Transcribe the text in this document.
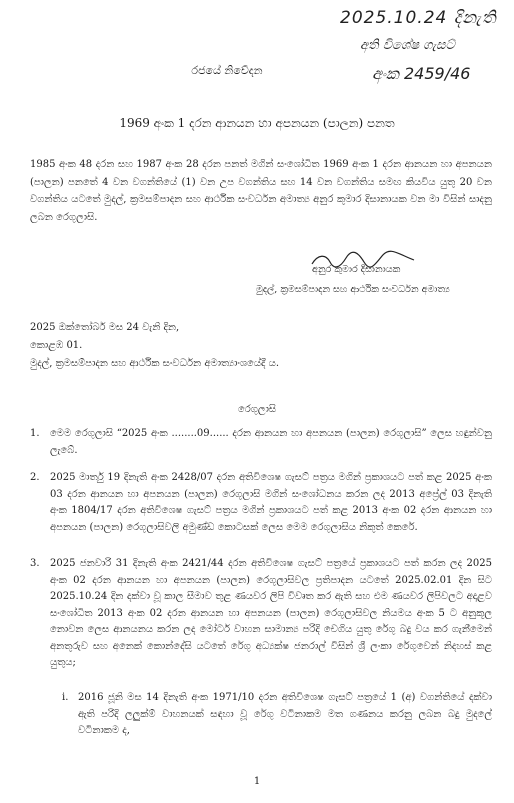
2025.10.24 දිනැති
අති විශේෂ ගැසට්
අංක 2459/46
රජයේ නිවේදන
1969 අංක 1 දරන ආනයන හා අපනයන (පාලන) පනත
1985 අංක 48 දරන සහ 1987 අංක 28 දරන පනත් මගින් සංශෝධිත 1969 අංක 1 දරන ආනයන හා අපනයන (පාලන) පනතේ 4 වන වගන්තියේ (1) වන උප වගන්තිය සහ 14 වන වගන්තිය සමඟ කියවිය යුතු 20 වන වගන්තිය යටතේ මුදල්, ක්‍රමසම්පාදන සහ ආර්ථික සංවර්ධන අමාත්‍ය අනුර කුමාර දිසානායක වන මා විසින් සාදනු ලබන රෙගුලාසි.
අනුර කුමාර දිසානායක
මුදල්, ක්‍රමසම්පාදන සහ ආර්ථික සංවර්ධන අමාත්‍ය
2025 ඔක්තෝබර් මස 24 වැනි දින,
කොළඹ 01.
මුදල්, ක්‍රමසම්පාදන සහ ආර්ථික සංවර්ධන අමාත්‍යාංශයේදී ය.
රෙගුලාසි
1. මෙම රෙගුලාසි “2025 අංක ........09...... දරන ආනයන හා අපනයන (පාලන) රෙගුලාසි” ලෙස හඳුන්වනු ලැබේ.
2. 2025 මාර්තු 19 දිනැති අංක 2428/07 දරන අතිවිශෙෂ ගැසට් පත්‍රය මගින් ප්‍රකාශයට පත් කළ 2025 අංක 03 දරන ආනයන හා අපනයන (පාලන) රෙගුලාසි මගින් සංශෝධනය කරන ලද 2013 අප්‍රේල් 03 දිනැති අංක 1804/17 දරන අතිවිශෙෂ ගැසට් පත්‍රය මගින් ප්‍රකාශයට පත් කළ 2013 අංක 02 දරන ආනයන හා අපනයන (පාලන) රෙගුලාසිවලි අමුණ්ඩ කොටසක් ලෙස මෙම රෙගුලාසිය නිකුත් කෙරේ.
3. 2025 ජනවාරි 31 දිනැති අංක 2421/44 දරන අතිවිශෙෂ ගැසට් පත්‍රයේ ප්‍රකාශයට පත් කරන ලද 2025 අංක 02 දරන ආනයන හා අපනයන (පාලන) රෙගුලාසිවල ප්‍රතිපාදන යටතේ 2025.02.01 දින සිට 2025.10.24 දින දක්වා වූ කාල සීමාව තුළ ණයවර ලිපි විවෘත කර ඇති සහ එම ණයවර ලිපිවලට අදාළව සංශෝධිත 2013 අංක 02 දරන ආනයන හා අපනයන (පාලන) රෙගුලාසිවල නියමය අංක 5 ට අනුකූල නොවන ලෙස ආනයනය කරන ලද මෝටර් වාහන සාමාන්‍ය පරිදි චෙගිය යුතු රේගු බදු වය කර ගැනීමෙන් අනතුරුව සහ අනෙක් කොන්දේසි යටතේ රේගු අධ්‍යක්ෂ ජනරාල් විසින් ශ්‍රී ලංකා රේගුවෙන් නිදහස් කළ යුතුය;
i. 2016 ජූනි මස 14 දිනැති අංක 1971/10 දරන අතිවිශෙෂ ගැසට් පත්‍රයේ 1 (අ) වගන්තියේ දක්වා ඇති පරිදි ලලුක්ම් වාහනයක් සඳහා වූ රේගු වටිනාකම මත ගණනය කරනු ලබන බදු මුදලේ වටිනාකම ද,
1
